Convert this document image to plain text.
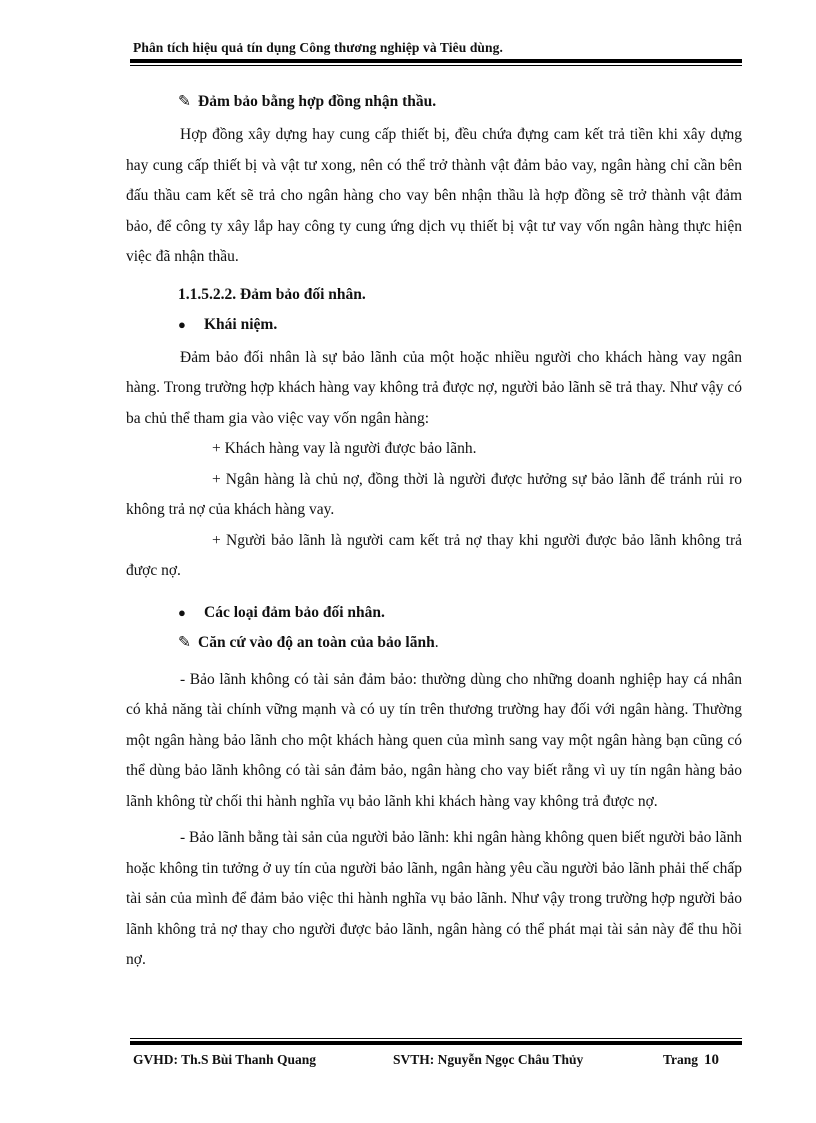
Phân tích hiệu quả tín dụng Công thương nghiệp và Tiêu dùng.

✎ Đảm bảo bằng hợp đồng nhận thầu.

Hợp đồng xây dựng hay cung cấp thiết bị, đều chứa đựng cam kết trả tiền khi xây dựng hay cung cấp thiết bị và vật tư xong, nên có thể trở thành vật đảm bảo vay, ngân hàng chỉ cần bên đấu thầu cam kết sẽ trả cho ngân hàng cho vay bên nhận thầu là hợp đồng sẽ trở thành vật đảm bảo, để công ty xây lắp hay công ty cung ứng dịch vụ thiết bị vật tư vay vốn ngân hàng thực hiện việc đã nhận thầu.

1.1.5.2.2. Đảm bảo đối nhân.

● Khái niệm.

Đảm bảo đối nhân là sự bảo lãnh của một hoặc nhiều người cho khách hàng vay ngân hàng. Trong trường hợp khách hàng vay không trả được nợ, người bảo lãnh sẽ trả thay. Như vậy có ba chủ thể tham gia vào việc vay vốn ngân hàng:

+ Khách hàng vay là người được bảo lãnh.

+ Ngân hàng là chủ nợ, đồng thời là người được hưởng sự bảo lãnh để tránh rủi ro không trả nợ của khách hàng vay.

+ Người bảo lãnh là người cam kết trả nợ thay khi người được bảo lãnh không trả được nợ.

● Các loại đảm bảo đối nhân.

✎ Căn cứ vào độ an toàn của bảo lãnh.

- Bảo lãnh không có tài sản đảm bảo: thường dùng cho những doanh nghiệp hay cá nhân có khả năng tài chính vững mạnh và có uy tín trên thương trường hay đối với ngân hàng. Thường một ngân hàng bảo lãnh cho một khách hàng quen của mình sang vay một ngân hàng bạn cũng có thể dùng bảo lãnh không có tài sản đảm bảo, ngân hàng cho vay biết rằng vì uy tín ngân hàng bảo lãnh không từ chối thi hành nghĩa vụ bảo lãnh khi khách hàng vay không trả được nợ.

- Bảo lãnh bằng tài sản của người bảo lãnh: khi ngân hàng không quen biết người bảo lãnh hoặc không tin tưởng ở uy tín của người bảo lãnh, ngân hàng yêu cầu người bảo lãnh phải thế chấp tài sản của mình để đảm bảo việc thi hành nghĩa vụ bảo lãnh. Như vậy trong trường hợp người bảo lãnh không trả nợ thay cho người được bảo lãnh, ngân hàng có thể phát mại tài sản này để thu hồi nợ.

GVHD: Th.S Bùi Thanh Quang	SVTH: Nguyễn Ngọc Châu Thủy	Trang 10
